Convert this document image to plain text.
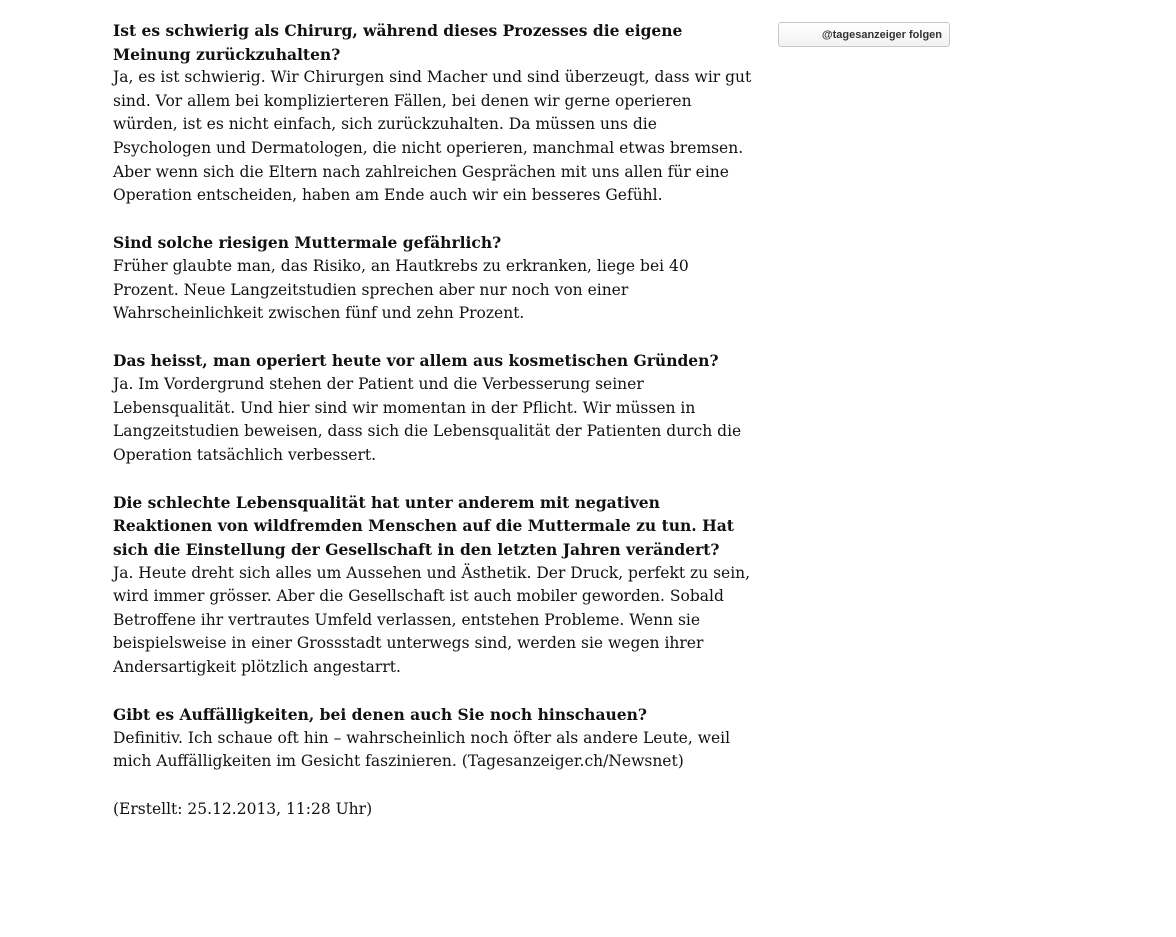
Ist es schwierig als Chirurg, während dieses Prozesses die eigene Meinung zurückzuhalten?

Ja, es ist schwierig. Wir Chirurgen sind Macher und sind überzeugt, dass wir gut sind. Vor allem bei komplizierteren Fällen, bei denen wir gerne operieren würden, ist es nicht einfach, sich zurückzuhalten. Da müssen uns die Psychologen und Dermatologen, die nicht operieren, manchmal etwas bremsen. Aber wenn sich die Eltern nach zahlreichen Gesprächen mit uns allen für eine Operation entscheiden, haben am Ende auch wir ein besseres Gefühl.

Sind solche riesigen Muttermale gefährlich?

Früher glaubte man, das Risiko, an Hautkrebs zu erkranken, liege bei 40 Prozent. Neue Langzeitstudien sprechen aber nur noch von einer Wahrscheinlichkeit zwischen fünf und zehn Prozent.

Das heisst, man operiert heute vor allem aus kosmetischen Gründen?

Ja. Im Vordergrund stehen der Patient und die Verbesserung seiner Lebensqualität. Und hier sind wir momentan in der Pflicht. Wir müssen in Langzeitstudien beweisen, dass sich die Lebensqualität der Patienten durch die Operation tatsächlich verbessert.

Die schlechte Lebensqualität hat unter anderem mit negativen Reaktionen von wildfremden Menschen auf die Muttermale zu tun. Hat sich die Einstellung der Gesellschaft in den letzten Jahren verändert?

Ja. Heute dreht sich alles um Aussehen und Ästhetik. Der Druck, perfekt zu sein, wird immer grösser. Aber die Gesellschaft ist auch mobiler geworden. Sobald Betroffene ihr vertrautes Umfeld verlassen, entstehen Probleme. Wenn sie beispielsweise in einer Grossstadt unterwegs sind, werden sie wegen ihrer Andersartigkeit plötzlich angestarrt.

Gibt es Auffälligkeiten, bei denen auch Sie noch hinschauen?

Definitiv. Ich schaue oft hin – wahrscheinlich noch öfter als andere Leute, weil mich Auffälligkeiten im Gesicht faszinieren. (Tagesanzeiger.ch/Newsnet)

(Erstellt: 25.12.2013, 11:28 Uhr)

@tagesanzeiger folgen
